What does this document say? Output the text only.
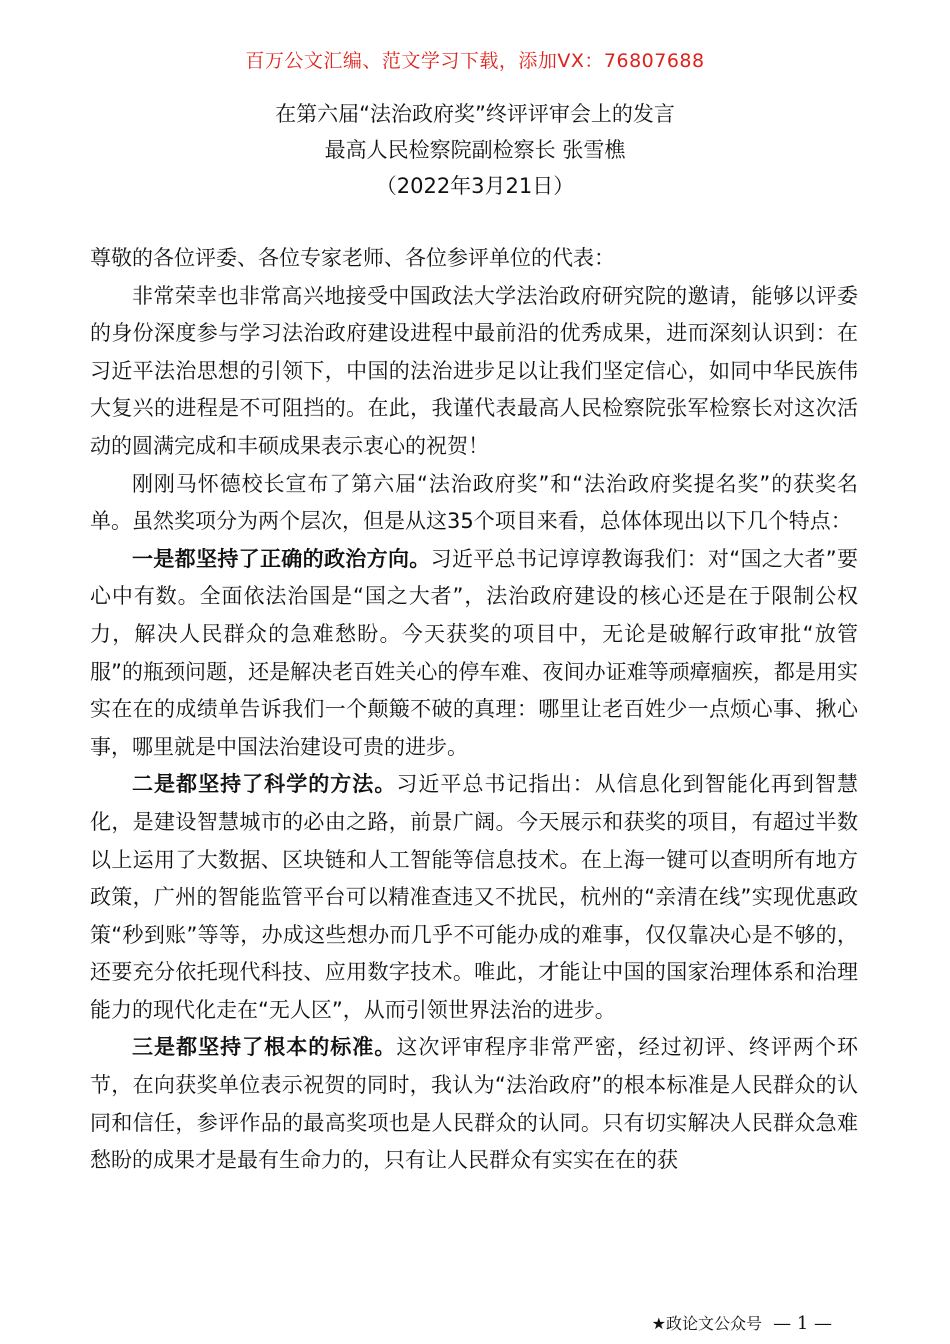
百万公文汇编、范文学习下载，添加VX：76807688
在第六届“法治政府奖”终评评审会上的发言
最高人民检察院副检察长 张雪樵
（2022年3月21日）

尊敬的各位评委、各位专家老师、各位参评单位的代表：

非常荣幸也非常高兴地接受中国政法大学法治政府研究院的邀请，能够以评委的身份深度参与学习法治政府建设进程中最前沿的优秀成果，进而深刻认识到：在习近平法治思想的引领下，中国的法治进步足以让我们坚定信心，如同中华民族伟大复兴的进程是不可阻挡的。在此，我谨代表最高人民检察院张军检察长对这次活动的圆满完成和丰硕成果表示衷心的祝贺！

刚刚马怀德校长宣布了第六届“法治政府奖”和“法治政府奖提名奖”的获奖名单。虽然奖项分为两个层次，但是从这35个项目来看，总体体现出以下几个特点：

一是都坚持了正确的政治方向。习近平总书记谆谆教诲我们：对“国之大者”要心中有数。全面依法治国是“国之大者”，法治政府建设的核心还是在于限制公权力，解决人民群众的急难愁盼。今天获奖的项目中，无论是破解行政审批“放管服”的瓶颈问题，还是解决老百姓关心的停车难、夜间办证难等顽瘴痼疾，都是用实实在在的成绩单告诉我们一个颠簸不破的真理：哪里让老百姓少一点烦心事、揪心事，哪里就是中国法治建设可贵的进步。

二是都坚持了科学的方法。习近平总书记指出：从信息化到智能化再到智慧化，是建设智慧城市的必由之路，前景广阔。今天展示和获奖的项目，有超过半数以上运用了大数据、区块链和人工智能等信息技术。在上海一键可以查明所有地方政策，广州的智能监管平台可以精准查违又不扰民，杭州的“亲清在线”实现优惠政策“秒到账”等等，办成这些想办而几乎不可能办成的难事，仅仅靠决心是不够的，还要充分依托现代科技、应用数字技术。唯此，才能让中国的国家治理体系和治理能力的现代化走在“无人区”，从而引领世界法治的进步。

三是都坚持了根本的标准。这次评审程序非常严密，经过初评、终评两个环节，在向获奖单位表示祝贺的同时，我认为“法治政府”的根本标准是人民群众的认同和信任，参评作品的最高奖项也是人民群众的认同。只有切实解决人民群众急难愁盼的成果才是最有生命力的，只有让人民群众有实实在在的获

★政论文公众号 — 1 —
